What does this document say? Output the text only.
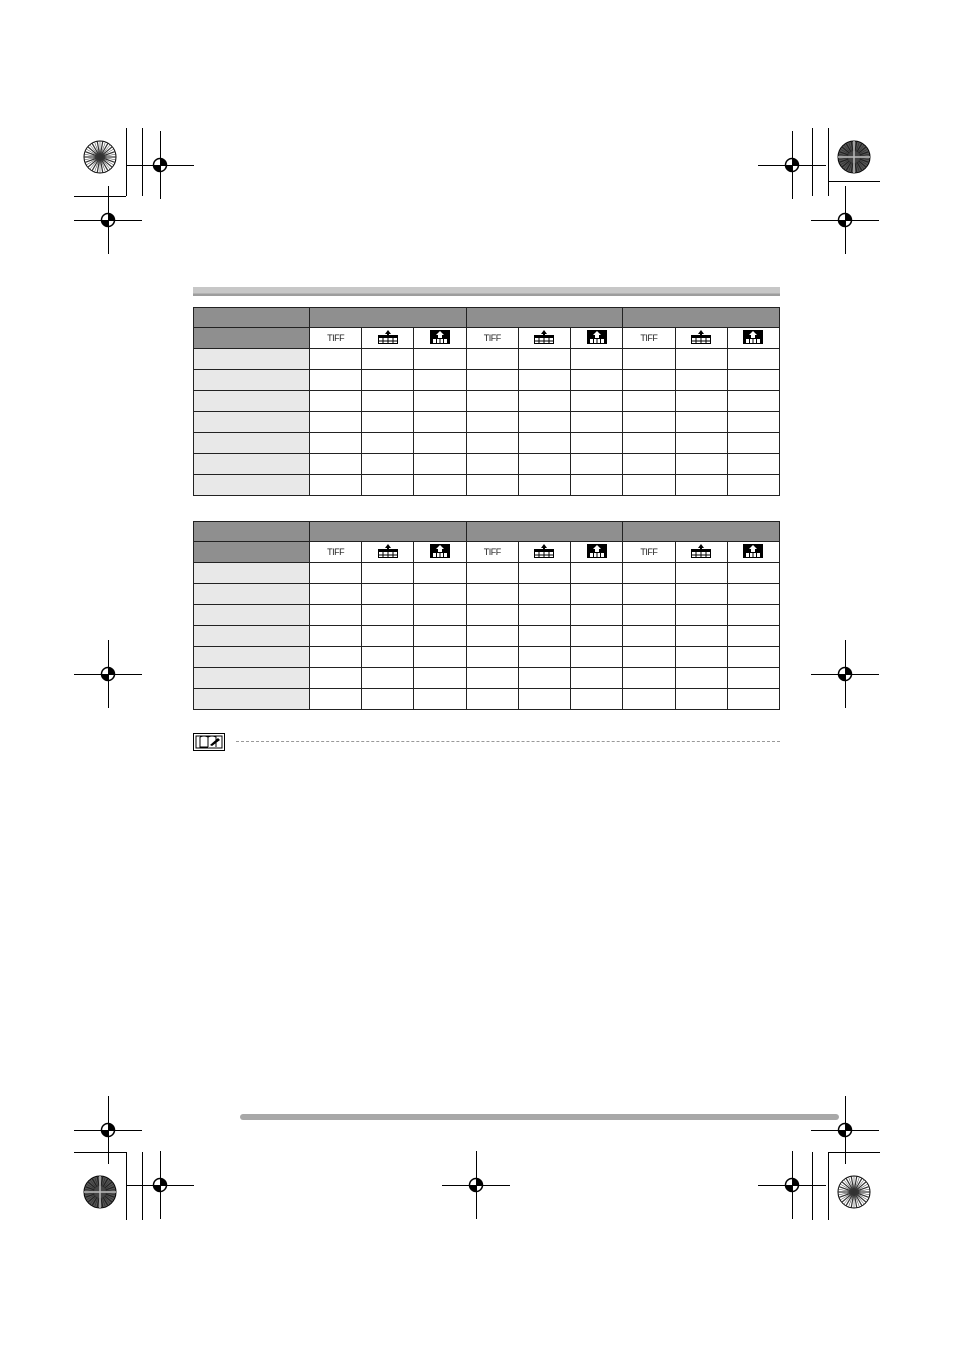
	TIFF			TIFF			TIFF		

	TIFF			TIFF			TIFF		
